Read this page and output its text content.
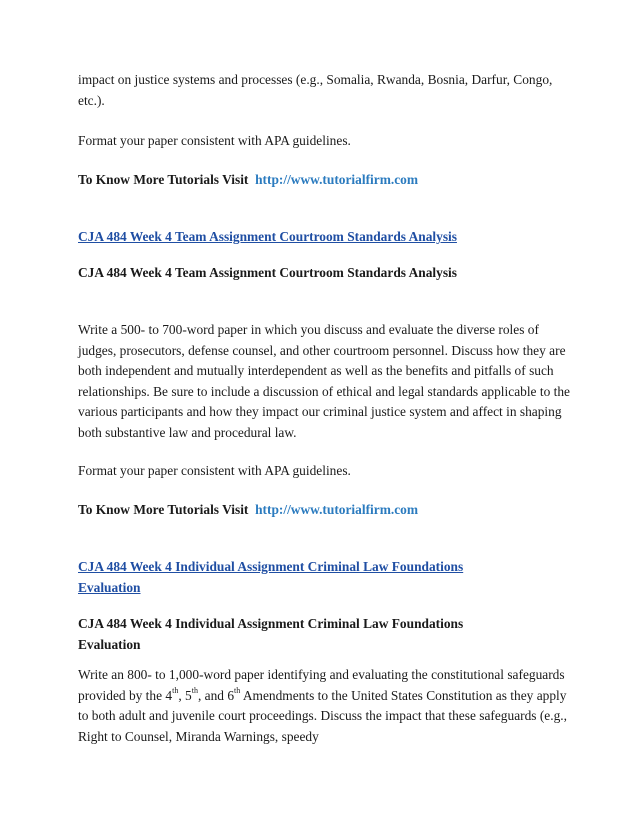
impact on justice systems and processes (e.g., Somalia, Rwanda, Bosnia, Darfur, Congo, etc.).
Format your paper consistent with APA guidelines.
To Know More Tutorials Visit http://www.tutorialfirm.com
CJA 484 Week 4 Team Assignment Courtroom Standards Analysis
CJA 484 Week 4 Team Assignment Courtroom Standards Analysis
Write a 500- to 700-word paper in which you discuss and evaluate the diverse roles of judges, prosecutors, defense counsel, and other courtroom personnel. Discuss how they are both independent and mutually interdependent as well as the benefits and pitfalls of such relationships. Be sure to include a discussion of ethical and legal standards applicable to the various participants and how they impact our criminal justice system and affect in shaping both substantive law and procedural law.
Format your paper consistent with APA guidelines.
To Know More Tutorials Visit http://www.tutorialfirm.com
CJA 484 Week 4 Individual Assignment Criminal Law Foundations Evaluation
CJA 484 Week 4 Individual Assignment Criminal Law Foundations Evaluation
Write an 800- to 1,000-word paper identifying and evaluating the constitutional safeguards provided by the 4th, 5th, and 6th Amendments to the United States Constitution as they apply to both adult and juvenile court proceedings. Discuss the impact that these safeguards (e.g., Right to Counsel, Miranda Warnings, speedy
